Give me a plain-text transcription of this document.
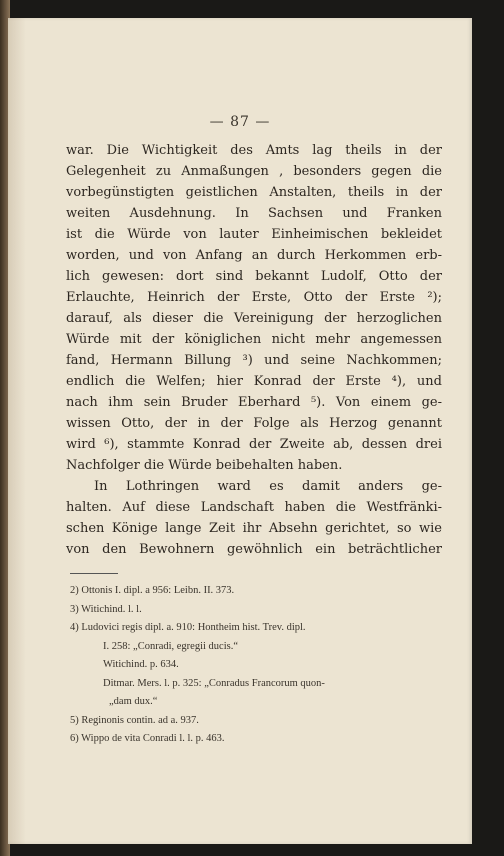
— 87 —
war. Die Wichtigkeit des Amts lag theils in der
Gelegenheit zu Anmaßungen , besonders gegen die
vorbegünstigten geistlichen Anstalten, theils in der
weiten Ausdehnung. In Sachsen und Franken
ist die Würde von lauter Einheimischen bekleidet
worden, und von Anfang an durch Herkommen erb-
lich gewesen: dort sind bekannt Ludolf, Otto der
Erlauchte, Heinrich der Erste, Otto der Erste ²);
darauf, als dieser die Vereinigung der herzoglichen
Würde mit der königlichen nicht mehr angemessen
fand, Hermann Billung ³) und seine Nachkommen;
endlich die Welfen; hier Konrad der Erste ⁴), und
nach ihm sein Bruder Eberhard ⁵). Von einem ge-
wissen Otto, der in der Folge als Herzog genannt
wird ⁶), stammte Konrad der Zweite ab, dessen drei
Nachfolger die Würde beibehalten haben.
In Lothringen ward es damit anders ge-
halten. Auf diese Landschaft haben die Westfränki-
schen Könige lange Zeit ihr Absehn gerichtet, so wie
von den Bewohnern gewöhnlich ein beträchtlicher
2) Ottonis I. dipl. a 956: Leibn. II. 373.
3) Witichind. l. l.
4) Ludovici regis dipl. a. 910: Hontheim hist. Trev. dipl.
I. 258: „Conradi, egregii ducis.“
Witichind. p. 634.
Ditmar. Mers. l. p. 325: „Conradus Francorum quon-
„dam dux.“
5) Reginonis contin. ad a. 937.
6) Wippo de vita Conradi l. l. p. 463.
